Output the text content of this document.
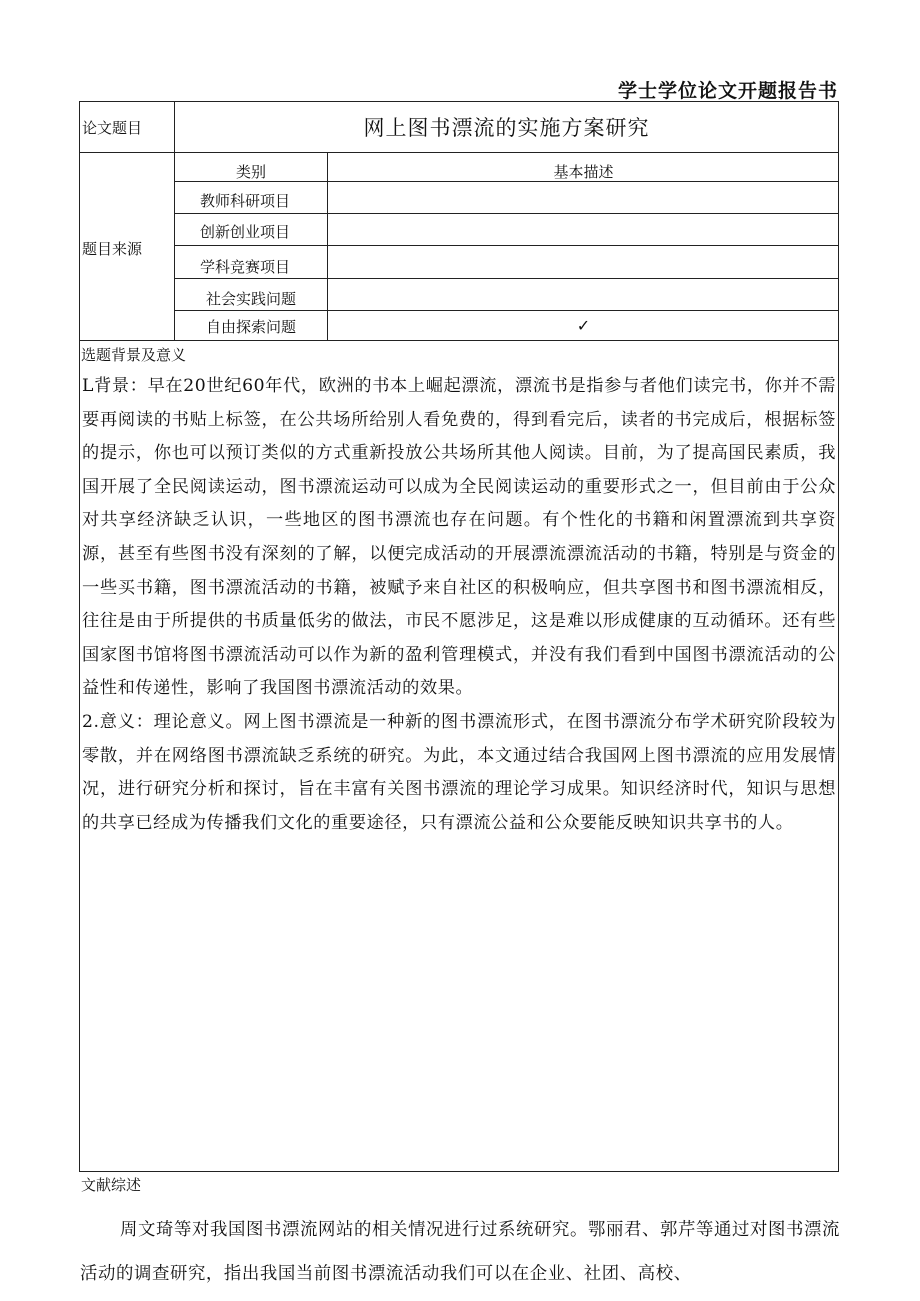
学士学位论文开题报告书
论文题目	网上图书漂流的实施方案研究
题目来源
类别	基本描述
教师科研项目
创新创业项目
学科竞赛项目
社会实践问题
自由探索问题	✓
选题背景及意义

L背景：早在20世纪60年代，欧洲的书本上崛起漂流，漂流书是指参与者他们读完书，你并不需要再阅读的书贴上标签，在公共场所给别人看免费的，得到看完后，读者的书完成后，根据标签的提示，你也可以预订类似的方式重新投放公共场所其他人阅读。目前，为了提高国民素质，我国开展了全民阅读运动，图书漂流运动可以成为全民阅读运动的重要形式之一，但目前由于公众对共享经济缺乏认识，一些地区的图书漂流也存在问题。有个性化的书籍和闲置漂流到共享资源，甚至有些图书没有深刻的了解，以便完成活动的开展漂流漂流活动的书籍，特别是与资金的一些买书籍，图书漂流活动的书籍，被赋予来自社区的积极响应，但共享图书和图书漂流相反，往往是由于所提供的书质量低劣的做法，市民不愿涉足，这是难以形成健康的互动循环。还有些国家图书馆将图书漂流活动可以作为新的盈利管理模式，并没有我们看到中国图书漂流活动的公益性和传递性，影响了我国图书漂流活动的效果。

2.意义：理论意义。网上图书漂流是一种新的图书漂流形式，在图书漂流分布学术研究阶段较为零散，并在网络图书漂流缺乏系统的研究。为此，本文通过结合我国网上图书漂流的应用发展情况，进行研究分析和探讨，旨在丰富有关图书漂流的理论学习成果。知识经济时代，知识与思想的共享已经成为传播我们文化的重要途径，只有漂流公益和公众要能反映知识共享书的人。

文献综述
周文琦等对我国图书漂流网站的相关情况进行过系统研究。鄂丽君、郭芹等通过对图书漂流活动的调查研究，指出我国当前图书漂流活动我们可以在企业、社团、高校、
